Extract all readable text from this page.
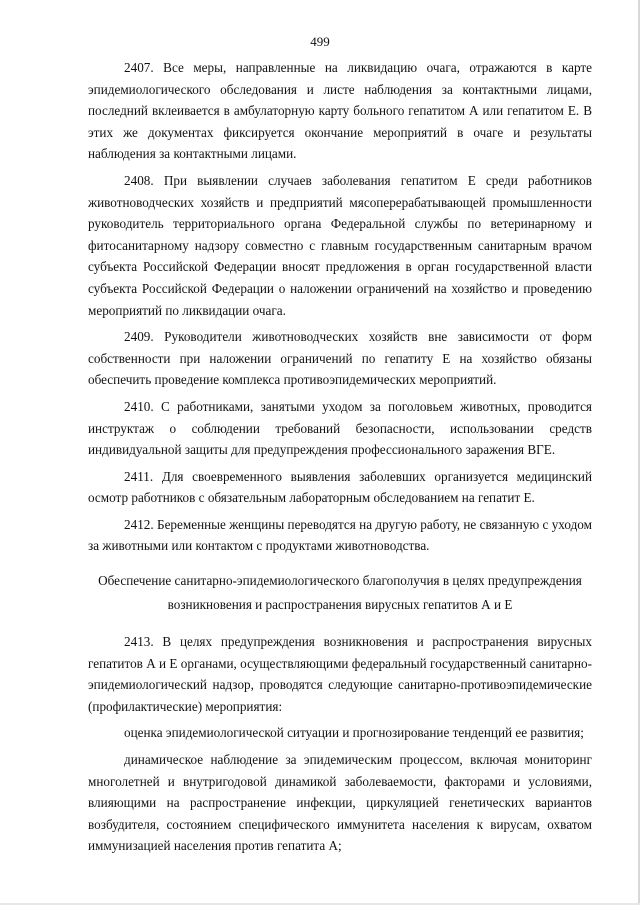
499

2407. Все меры, направленные на ликвидацию очага, отражаются в карте эпидемиологического обследования и листе наблюдения за контактными лицами, последний вклеивается в амбулаторную карту больного гепатитом А или гепатитом Е. В этих же документах фиксируется окончание мероприятий в очаге и результаты наблюдения за контактными лицами.

2408. При выявлении случаев заболевания гепатитом Е среди работников животноводческих хозяйств и предприятий мясоперерабатывающей промышленности руководитель территориального органа Федеральной службы по ветеринарному и фитосанитарному надзору совместно с главным государственным санитарным врачом субъекта Российской Федерации вносят предложения в орган государственной власти субъекта Российской Федерации о наложении ограничений на хозяйство и проведению мероприятий по ликвидации очага.

2409. Руководители животноводческих хозяйств вне зависимости от форм собственности при наложении ограничений по гепатиту Е на хозяйство обязаны обеспечить проведение комплекса противоэпидемических мероприятий.

2410. С работниками, занятыми уходом за поголовьем животных, проводится инструктаж о соблюдении требований безопасности, использовании средств индивидуальной защиты для предупреждения профессионального заражения ВГЕ.

2411. Для своевременного выявления заболевших организуется медицинский осмотр работников с обязательным лабораторным обследованием на гепатит Е.

2412. Беременные женщины переводятся на другую работу, не связанную с уходом за животными или контактом с продуктами животноводства.

Обеспечение санитарно-эпидемиологического благополучия в целях предупреждения возникновения и распространения вирусных гепатитов А и Е

2413. В целях предупреждения возникновения и распространения вирусных гепатитов А и Е органами, осуществляющими федеральный государственный санитарно-эпидемиологический надзор, проводятся следующие санитарно-противоэпидемические (профилактические) мероприятия:

оценка эпидемиологической ситуации и прогнозирование тенденций ее развития;

динамическое наблюдение за эпидемическим процессом, включая мониторинг многолетней и внутригодовой динамикой заболеваемости, факторами и условиями, влияющими на распространение инфекции, циркуляцией генетических вариантов возбудителя, состоянием специфического иммунитета населения к вирусам, охватом иммунизацией населения против гепатита А;
